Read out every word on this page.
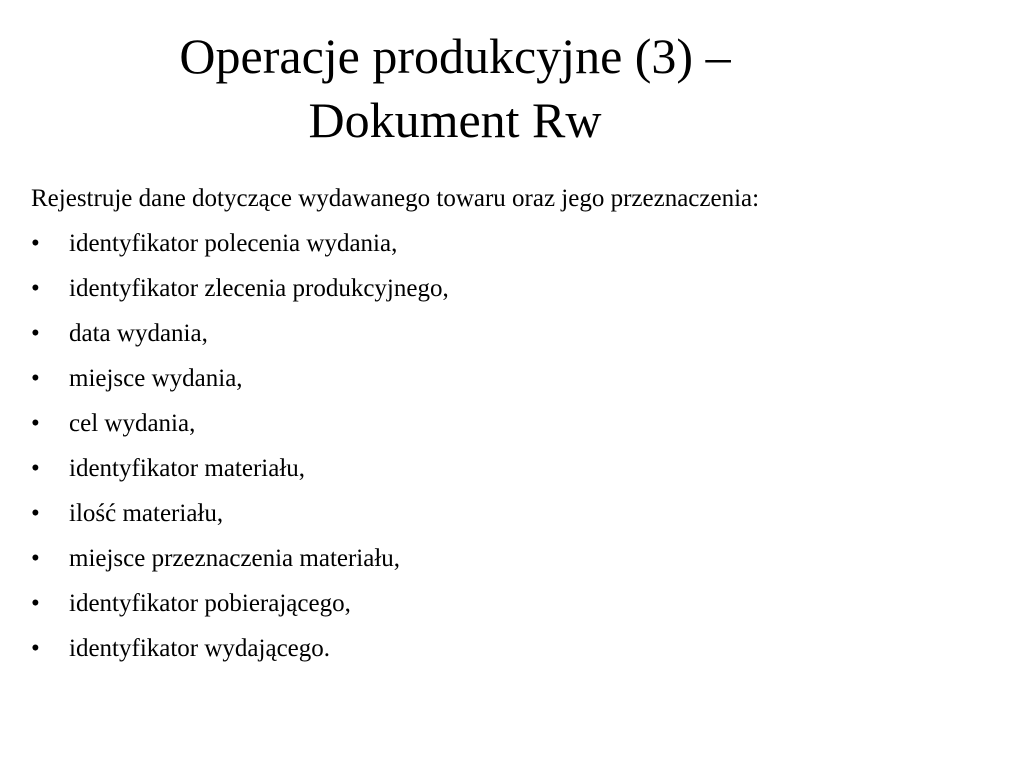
Operacje produkcyjne (3) –
Dokument Rw
Rejestruje dane dotyczące wydawanego towaru oraz jego przeznaczenia:
•	identyfikator polecenia wydania,
•	identyfikator zlecenia produkcyjnego,
•	data wydania,
•	miejsce wydania,
•	cel wydania,
•	identyfikator materiału,
•	ilość materiału,
•	miejsce przeznaczenia materiału,
•	identyfikator pobierającego,
•	identyfikator wydającego.
